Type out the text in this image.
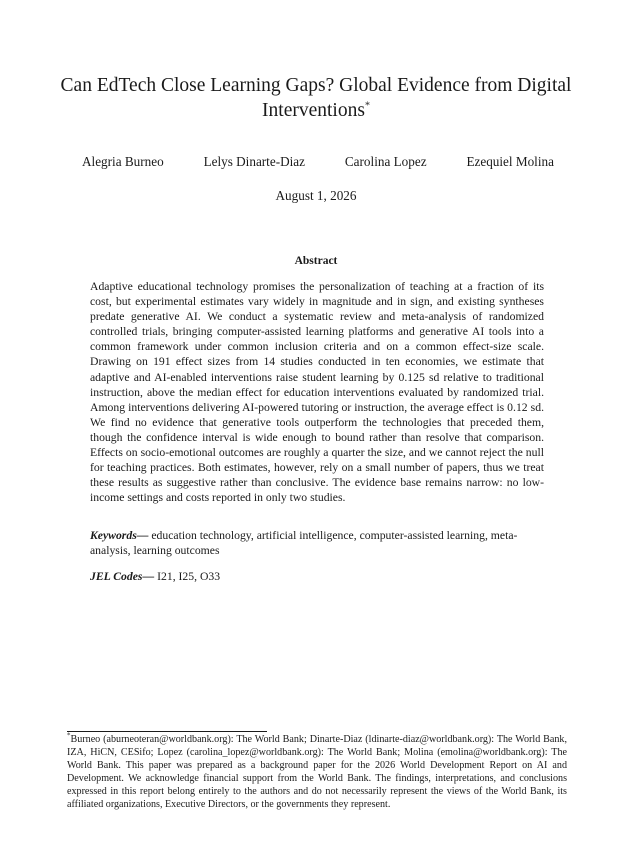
Can EdTech Close Learning Gaps? Global Evidence from Digital Interventions*
Alegria Burneo	Lelys Dinarte-Diaz	Carolina Lopez	Ezequiel Molina
August 1, 2026
Abstract

Adaptive educational technology promises the personalization of teaching at a fraction of its cost, but experimental estimates vary widely in magnitude and in sign, and existing syntheses predate generative AI. We conduct a systematic review and meta-analysis of randomized controlled trials, bringing computer-assisted learning platforms and generative AI tools into a common framework under common inclusion criteria and on a common effect-size scale. Drawing on 191 effect sizes from 14 studies conducted in ten economies, we estimate that adaptive and AI-enabled interventions raise student learning by 0.125 sd relative to traditional instruction, above the median effect for education interventions evaluated by randomized trial. Among interventions delivering AI-powered tutoring or instruction, the average effect is 0.12 sd. We find no evidence that generative tools outperform the technologies that preceded them, though the confidence interval is wide enough to bound rather than resolve that comparison. Effects on socio-emotional outcomes are roughly a quarter the size, and we cannot reject the null for teaching practices. Both estimates, however, rely on a small number of papers, thus we treat these results as suggestive rather than conclusive. The evidence base remains narrow: no low-income settings and costs reported in only two studies.

Keywords— education technology, artificial intelligence, computer-assisted learning, meta-analysis, learning outcomes
JEL Codes— I21, I25, O33
*Burneo (aburneoteran@worldbank.org): The World Bank; Dinarte-Diaz (ldinarte-diaz@worldbank.org): The World Bank, IZA, HiCN, CESifo; Lopez (carolina_lopez@worldbank.org): The World Bank; Molina (emolina@worldbank.org): The World Bank. This paper was prepared as a background paper for the 2026 World Development Report on AI and Development. We acknowledge financial support from the World Bank. The findings, interpretations, and conclusions expressed in this report belong entirely to the authors and do not necessarily represent the views of the World Bank, its affiliated organizations, Executive Directors, or the governments they represent.
